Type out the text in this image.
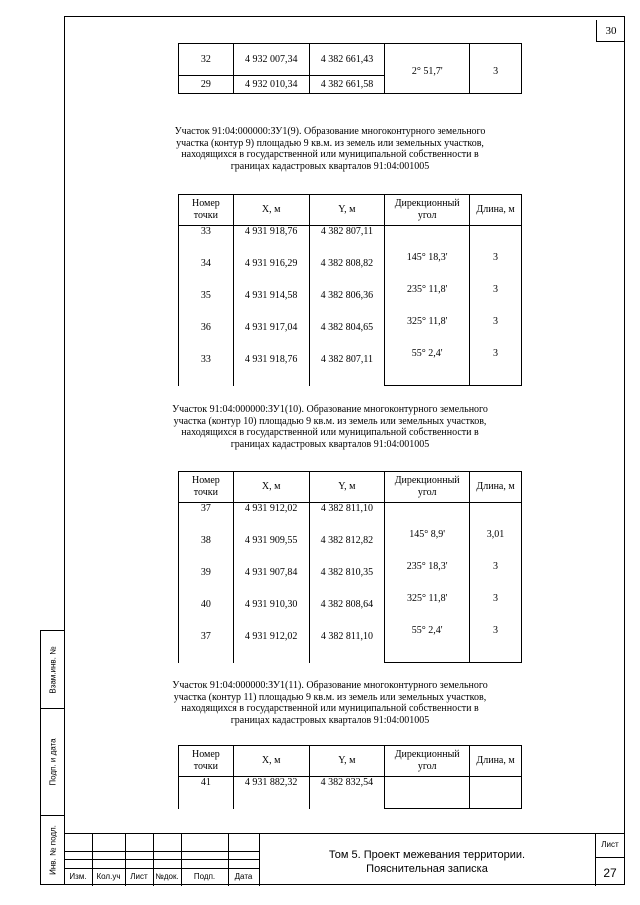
30
Взам.инв. №
Подп. и дата
Инв. № подл.
32	4 932 007,34	4 382 661,43	2° 51,7'	3
29	4 932 010,34	4 382 661,58		
Участок 91:04:000000:ЗУ1(9). Образование многоконтурного земельного участка (контур 9) площадью 9 кв.м. из земель или земельных участков, находящихся в государственной или муниципальной собственности в границах кадастровых кварталов 91:04:001005
Участок 91:04:000000:ЗУ1(10). Образование многоконтурного земельного участка (контур 10) площадью 9 кв.м. из земель или земельных участков, находящихся в государственной или муниципальной собственности в границах кадастровых кварталов 91:04:001005
Участок 91:04:000000:ЗУ1(11). Образование многоконтурного земельного участка (контур 11) площадью 9 кв.м. из земель или земельных участков, находящихся в государственной или муниципальной собственности в границах кадастровых кварталов 91:04:001005
Номер точки	X, м	Y, м	Дирекционный угол	Длина, м
33	4 931 918,76	4 382 807,11		
			145° 18,3'	3
34	4 931 916,29	4 382 808,82		
			235° 11,8'	3
35	4 931 914,58	4 382 806,36		
			325° 11,8'	3
36	4 931 917,04	4 382 804,65		
			55° 2,4'	3
33	4 931 918,76	4 382 807,11		

Номер точки	X, м	Y, м	Дирекционный угол	Длина, м
37	4 931 912,02	4 382 811,10		
			145° 8,9'	3,01
38	4 931 909,55	4 382 812,82		
			235° 18,3'	3
39	4 931 907,84	4 382 810,35		
			325° 11,8'	3
40	4 931 910,30	4 382 808,64		
			55° 2,4'	3
37	4 931 912,02	4 382 811,10		

Номер точки	X, м	Y, м	Дирекционный угол	Длина, м
41	4 931 882,32	4 382 832,54		

Изм.	Кол.уч	Лист №док.	Подп.	Дата
Том 5. Проект межевания территории.
Пояснительная записка
Лист
27
